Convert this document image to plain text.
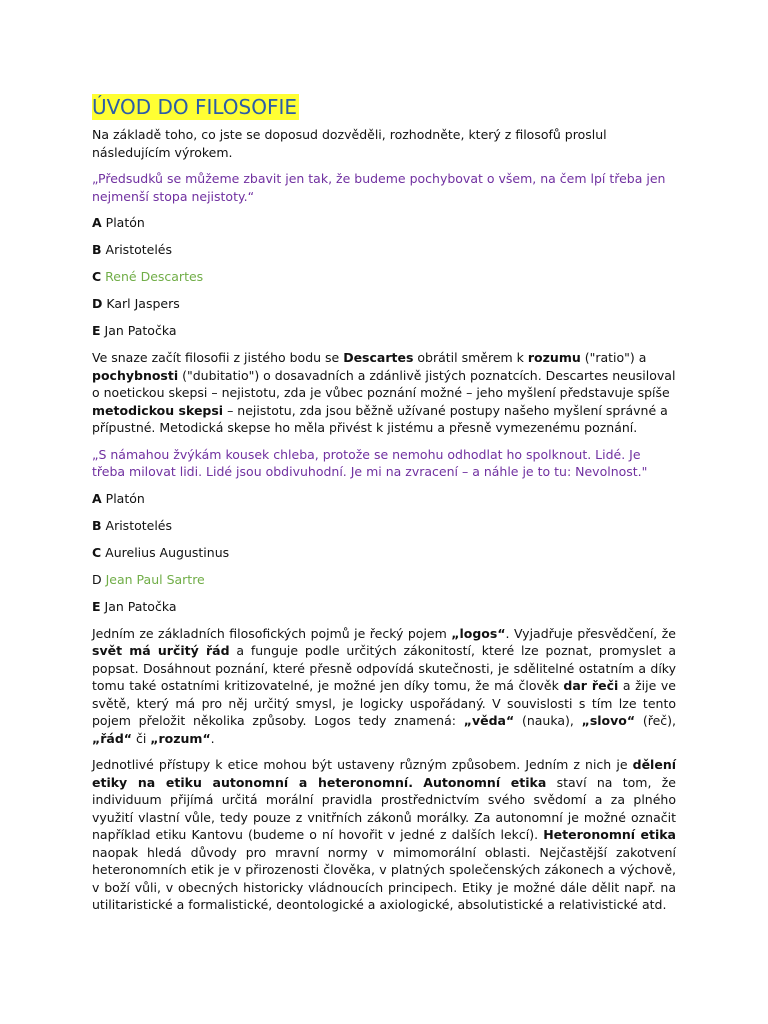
ÚVOD DO FILOSOFIE

Na základě toho, co jste se doposud dozvěděli, rozhodněte, který z filosofů proslul následujícím výrokem.

„Předsudků se můžeme zbavit jen tak, že budeme pochybovat o všem, na čem lpí třeba jen nejmenší stopa nejistoty.“

A Platón
B Aristotelés
C René Descartes
D Karl Jaspers
E Jan Patočka

Ve snaze začít filosofii z jistého bodu se Descartes obrátil směrem k rozumu ("ratio") a pochybnosti ("dubitatio") o dosavadních a zdánlivě jistých poznatcích. Descartes neusiloval o noetickou skepsi – nejistotu, zda je vůbec poznání možné – jeho myšlení představuje spíše metodickou skepsi – nejistotu, zda jsou běžně užívané postupy našeho myšlení správné a přípustné. Metodická skepse ho měla přivést k jistému a přesně vymezenému poznání.

„S námahou žvýkám kousek chleba, protože se nemohu odhodlat ho spolknout. Lidé. Je třeba milovat lidi. Lidé jsou obdivuhodní. Je mi na zvracení – a náhle je to tu: Nevolnost."

A Platón
B Aristotelés
C Aurelius Augustinus
D Jean Paul Sartre
E Jan Patočka

Jedním ze základních filosofických pojmů je řecký pojem „logos“. Vyjadřuje přesvědčení, že svět má určitý řád a funguje podle určitých zákonitostí, které lze poznat, promyslet a popsat. Dosáhnout poznání, které přesně odpovídá skutečnosti, je sdělitelné ostatním a díky tomu také ostatními kritizovatelné, je možné jen díky tomu, že má člověk dar řeči a žije ve světě, který má pro něj určitý smysl, je logicky uspořádaný. V souvislosti s tím lze tento pojem přeložit několika způsoby. Logos tedy znamená: „věda“ (nauka), „slovo“ (řeč), „řád“ či „rozum“.

Jednotlivé přístupy k etice mohou být ustaveny různým způsobem. Jedním z nich je dělení etiky na etiku autonomní a heteronomní. Autonomní etika staví na tom, že individuum přijímá určitá morální pravidla prostřednictvím svého svědomí a za plného využití vlastní vůle, tedy pouze z vnitřních zákonů morálky. Za autonomní je možné označit například etiku Kantovu (budeme o ní hovořit v jedné z dalších lekcí). Heteronomní etika naopak hledá důvody pro mravní normy v mimomorální oblasti. Nejčastější zakotvení heteronomních etik je v přirozenosti člověka, v platných společenských zákonech a výchově, v boží vůli, v obecných historicky vládnoucích principech. Etiky je možné dále dělit např. na utilitaristické a formalistické, deontologické a axiologické, absolutistické a relativistické atd.
